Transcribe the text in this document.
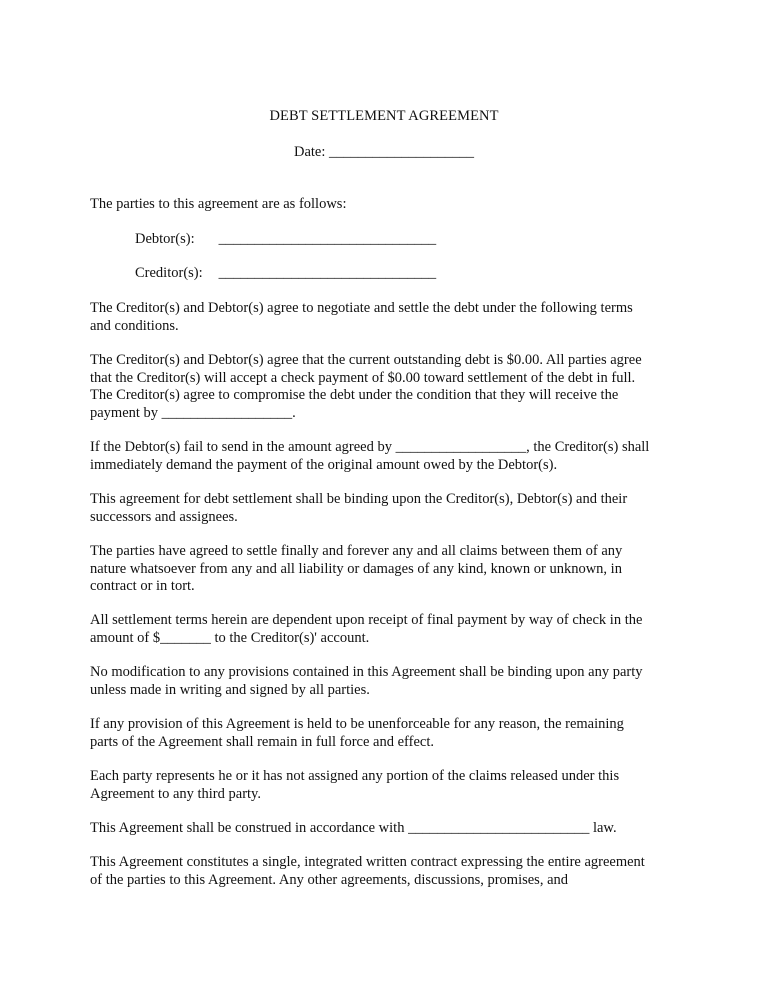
DEBT SETTLEMENT AGREEMENT

Date: ____________________

The parties to this agreement are as follows:

Debtor(s): ______________________________

Creditor(s): ______________________________

The Creditor(s) and Debtor(s) agree to negotiate and settle the debt under the following terms
and conditions.

The Creditor(s) and Debtor(s) agree that the current outstanding debt is $0.00. All parties agree
that the Creditor(s) will accept a check payment of $0.00 toward settlement of the debt in full.
The Creditor(s) agree to compromise the debt under the condition that they will receive the
payment by __________________.

If the Debtor(s) fail to send in the amount agreed by __________________, the Creditor(s) shall
immediately demand the payment of the original amount owed by the Debtor(s).

This agreement for debt settlement shall be binding upon the Creditor(s), Debtor(s) and their
successors and assignees.

The parties have agreed to settle finally and forever any and all claims between them of any
nature whatsoever from any and all liability or damages of any kind, known or unknown, in
contract or in tort.

All settlement terms herein are dependent upon receipt of final payment by way of check in the
amount of $_______ to the Creditor(s)' account.

No modification to any provisions contained in this Agreement shall be binding upon any party
unless made in writing and signed by all parties.

If any provision of this Agreement is held to be unenforceable for any reason, the remaining
parts of the Agreement shall remain in full force and effect.

Each party represents he or it has not assigned any portion of the claims released under this
Agreement to any third party.

This Agreement shall be construed in accordance with _________________________ law.

This Agreement constitutes a single, integrated written contract expressing the entire agreement
of the parties to this Agreement. Any other agreements, discussions, promises, and
